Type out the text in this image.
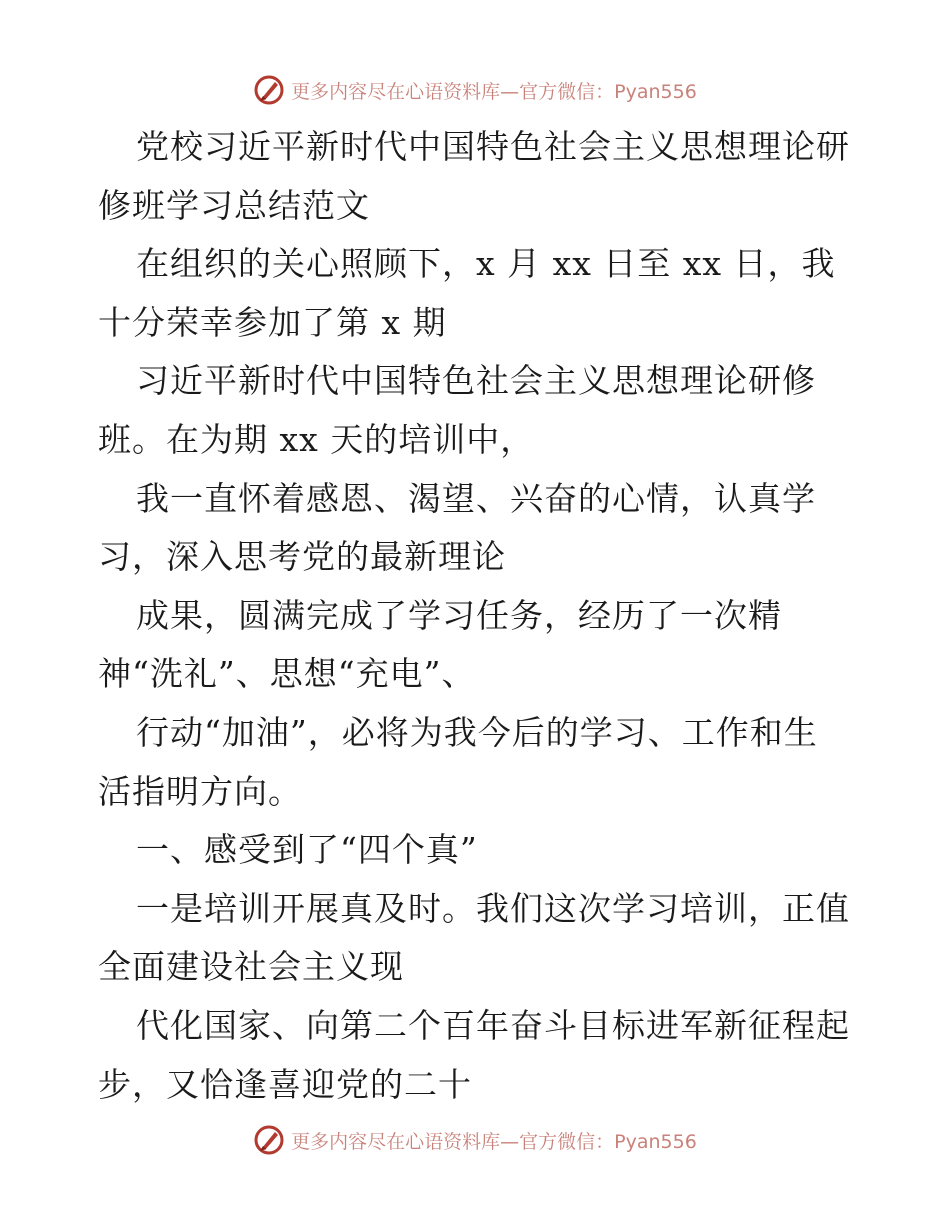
更多内容尽在心语资料库—官方微信：Pyan556
党校习近平新时代中国特色社会主义思想理论研
修班学习总结范文
在组织的关心照顾下，x 月 xx 日至 xx 日，我
十分荣幸参加了第 x 期
习近平新时代中国特色社会主义思想理论研修
班。在为期 xx 天的培训中，
我一直怀着感恩、渴望、兴奋的心情，认真学
习，深入思考党的最新理论
成果，圆满完成了学习任务，经历了一次精
神“洗礼”、思想“充电”、
行动“加油”，必将为我今后的学习、工作和生
活指明方向。
一、感受到了“四个真”
一是培训开展真及时。我们这次学习培训，正值
全面建设社会主义现
代化国家、向第二个百年奋斗目标进军新征程起
步，又恰逢喜迎党的二十
更多内容尽在心语资料库—官方微信：Pyan556
